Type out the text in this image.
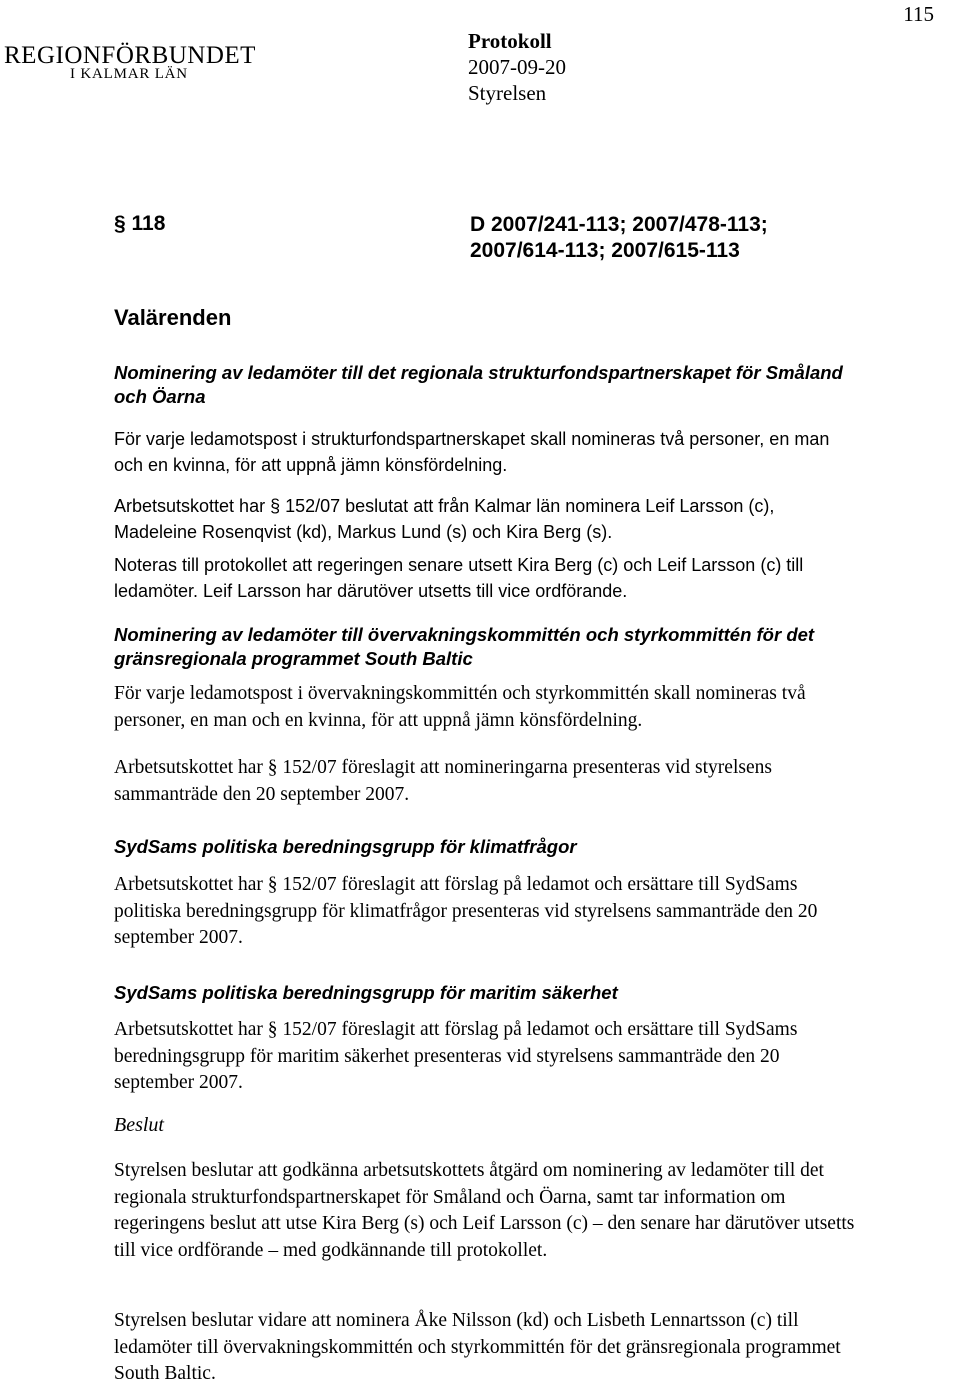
115
REGIONFÖRBUNDET
I KALMAR LÄN
Protokoll
2007-09-20
Styrelsen
§ 118	D 2007/241-113; 2007/478-113;
2007/614-113; 2007/615-113
Valärenden

Nominering av ledamöter till det regionala strukturfondspartnerskapet för Småland och Öarna

För varje ledamotspost i strukturfondspartnerskapet skall nomineras två personer, en man och en kvinna, för att uppnå jämn könsfördelning.

Arbetsutskottet har § 152/07 beslutat att från Kalmar län nominera Leif Larsson (c), Madeleine Rosenqvist (kd), Markus Lund (s) och Kira Berg (s).

Noteras till protokollet att regeringen senare utsett Kira Berg (c) och Leif Larsson (c) till ledamöter. Leif Larsson har därutöver utsetts till vice ordförande.

Nominering av ledamöter till övervakningskommittén och styrkommittén för det gränsregionala programmet South Baltic

För varje ledamotspost i övervakningskommittén och styrkommittén skall nomineras två personer, en man och en kvinna, för att uppnå jämn könsfördelning.

Arbetsutskottet har § 152/07 föreslagit att nomineringarna presenteras vid styrelsens sammanträde den 20 september 2007.

SydSams politiska beredningsgrupp för klimatfrågor

Arbetsutskottet har § 152/07 föreslagit att förslag på ledamot och ersättare till SydSams politiska beredningsgrupp för klimatfrågor presenteras vid styrelsens sammanträde den 20 september 2007.

SydSams politiska beredningsgrupp för maritim säkerhet

Arbetsutskottet har § 152/07 föreslagit att förslag på ledamot och ersättare till SydSams beredningsgrupp för maritim säkerhet presenteras vid styrelsens sammanträde den 20 september 2007.

Beslut

Styrelsen beslutar att godkänna arbetsutskottets åtgärd om nominering av ledamöter till det regionala strukturfondspartnerskapet för Småland och Öarna, samt tar information om regeringens beslut att utse Kira Berg (s) och Leif Larsson (c) – den senare har därutöver utsetts till vice ordförande – med godkännande till protokollet.

Styrelsen beslutar vidare att nominera Åke Nilsson (kd) och Lisbeth Lennartsson (c) till ledamöter till övervakningskommittén och styrkommittén för det gränsregionala programmet South Baltic.
